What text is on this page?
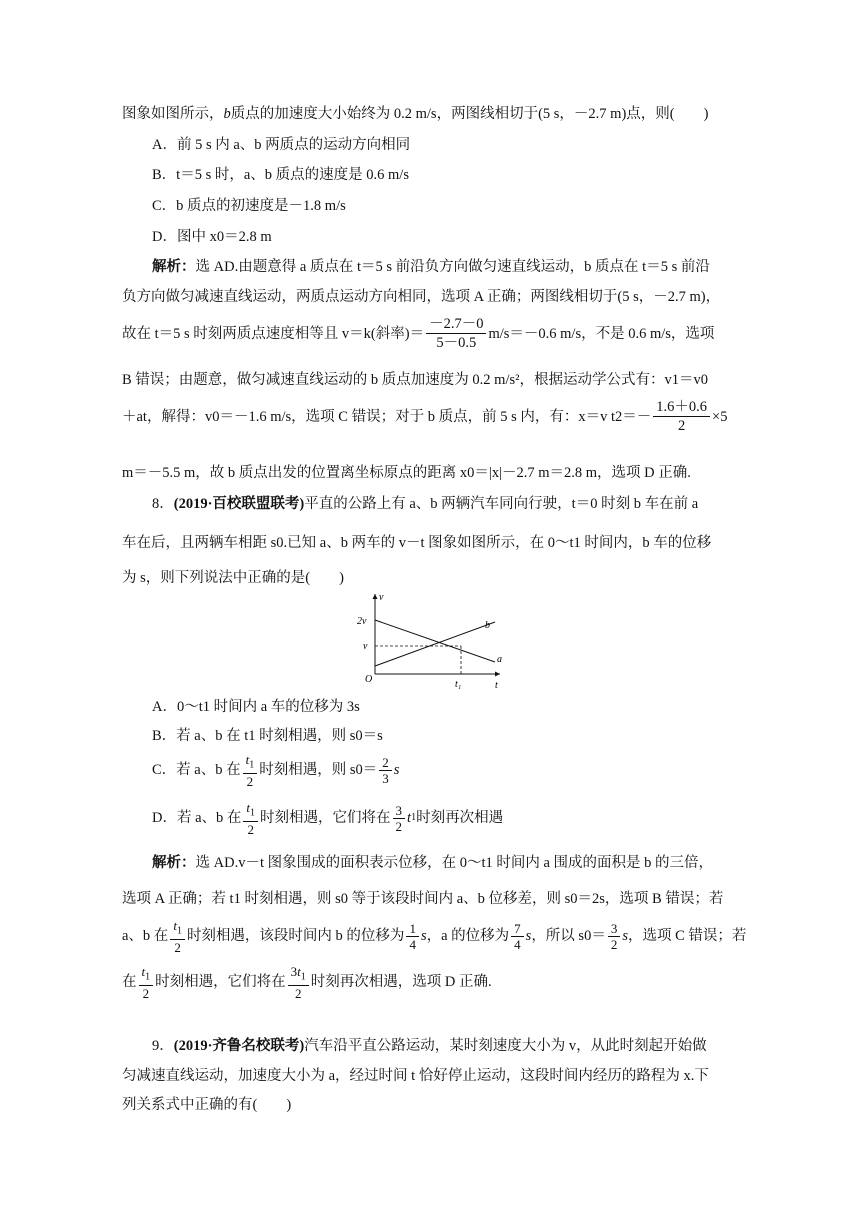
图象如图所示，b质点的加速度大小始终为 0.2 m/s，两图线相切于(5 s，－2.7 m)点，则(　　)
A．前 5 s 内 a、b 两质点的运动方向相同
B．t＝5 s 时，a、b 质点的速度是 0.6 m/s
C．b 质点的初速度是－1.8 m/s
D．图中 x0＝2.8 m
解析：选 AD.由题意得 a 质点在 t＝5 s 前沿负方向做匀速直线运动，b 质点在 t＝5 s 前沿
负方向做匀减速直线运动，两质点运动方向相同，选项 A 正确；两图线相切于(5 s，－2.7 m)，
故在 t＝5 s 时刻两质点速度相等且 v＝k(斜率)＝ $\frac{-2.7-0}{5-0.5} m/s=-0.6$ m/s，不是 0.6 m/s，选项
B 错误；由题意，做匀减速直线运动的 b 质点加速度为 0.2 m/s²，根据运动学公式有：v1＝v0
＋at，解得：v0＝－1.6 m/s，选项 C 错误；对于 b 质点，前 5 s 内，有：x＝v $t2=- \frac{1.6+0.6}{2} \times 5$
m＝－5.5 m，故 b 质点出发的位置离坐标原点的距离 x0＝|x|－2.7 m＝2.8 m，选项 D 正确.
8．(2019·百校联盟联考)平直的公路上有 a、b 两辆汽车同向行驶，t＝0 时刻 b 车在前 a
车在后，且两辆车相距 s0.已知 a、b 两车的 v－t 图象如图所示，在 0～t1 时间内，b 车的位移
为 s，则下列说法中正确的是(　　)
v
t
O
2v
v
t₁
a
b
A．0～t1 时间内 a 车的位移为 3s
B．若 a、b 在 t1 时刻相遇，则 s0＝s
C．若 a、b 在 $\frac{t_1}{2}$ 时刻相遇，则 $s0= \frac{2}{3}$ s
D．若 a、b 在 $\frac{t_1}{2}$ 时刻相遇，它们将在 $\frac{3}{2}$ t 1 时刻再次相遇
解析：选 AD.v－t 图象围成的面积表示位移，在 0～t1 时间内 a 围成的面积是 b 的三倍，
选项 A 正确；若 t1 时刻相遇，则 s0 等于该段时间内 a、b 位移差，则 s0＝2s，选项 B 错误；若
a、b 在 $\frac{t_1}{2}$ 时刻相遇，该段时间内 b 的位移为 $\frac{1}{4}$ s ，a 的位移为 $\frac{7}{4}$ s ，所以 $s0= \frac{3}{2}$ s ，选项 C 错误；若
在 $\frac{t_1}{2}$ 时刻相遇，它们将在 $\frac{3t_1}{2}$ 时刻再次相遇，选项 D 正确.
9．(2019·齐鲁名校联考)汽车沿平直公路运动，某时刻速度大小为 v，从此时刻起开始做
匀减速直线运动，加速度大小为 a，经过时间 t 恰好停止运动，这段时间内经历的路程为 x.下
列关系式中正确的有(　　)
